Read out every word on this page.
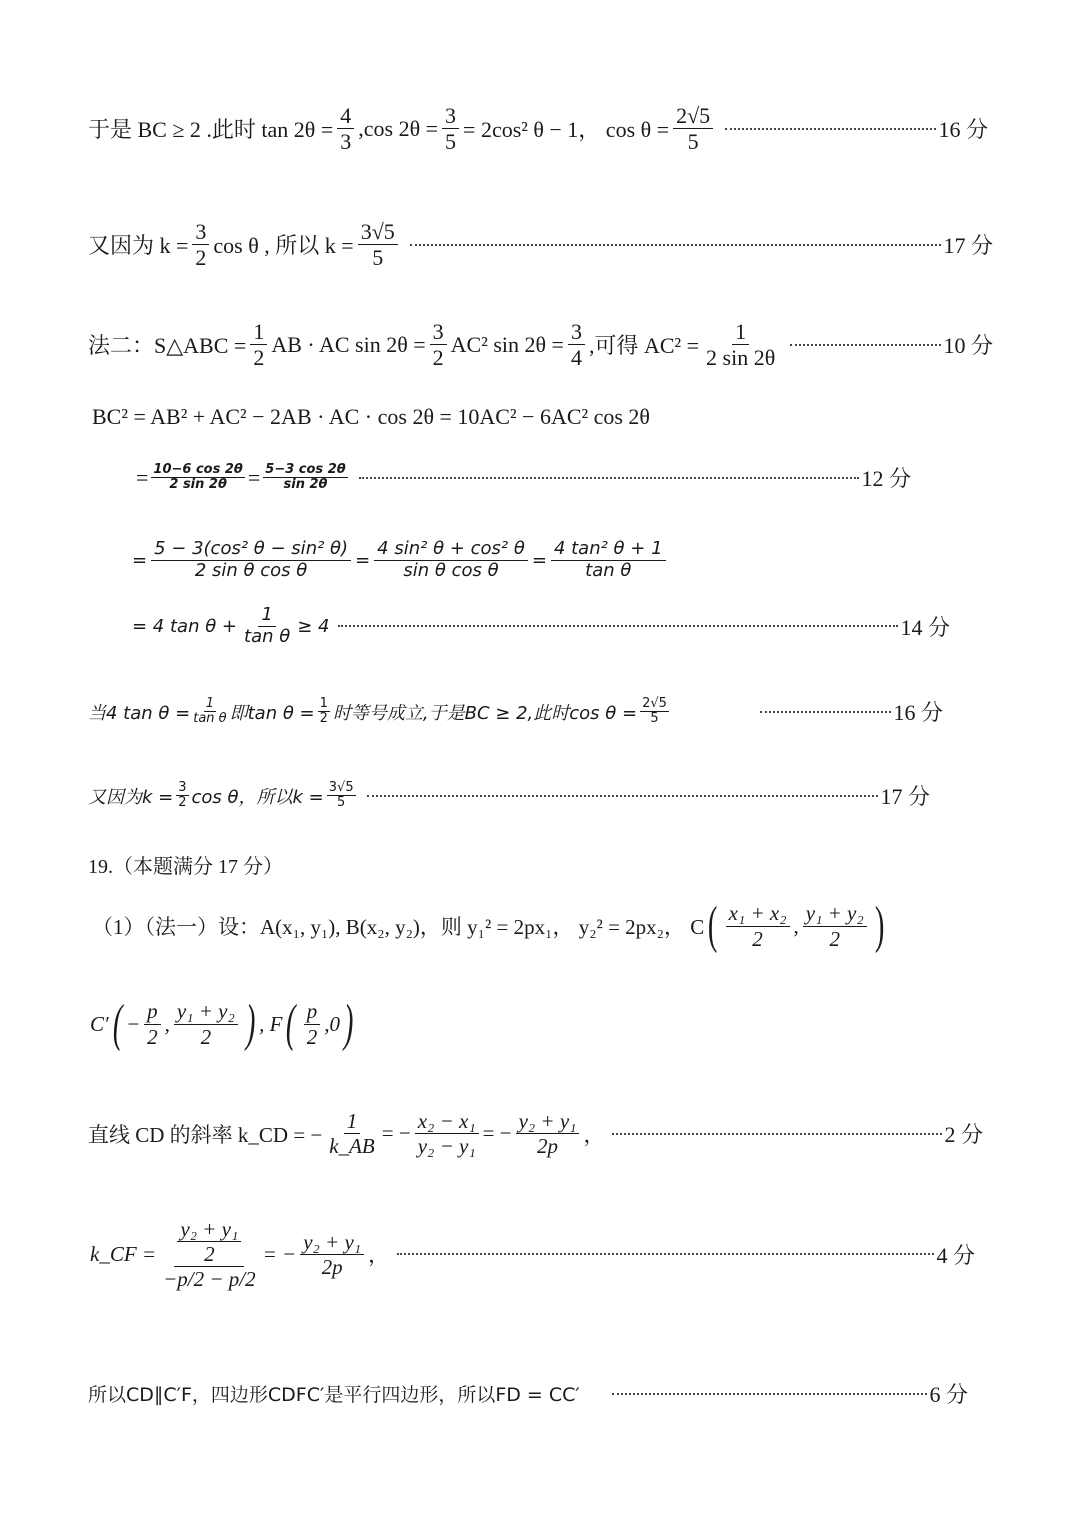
于是 BC ≥ 2 .此时 $\tan 2\theta = \frac{4}{3} ,\cos$ $2\theta = \frac{3}{5} = 2\cos^2$ θ − 1， $\cos \theta = \frac{2√5}{5}$	16 分
又因为 $k = \frac{3}{2}$ cos θ , 所以 $k = \frac{3√5}{5}$	17 分
法二：S△ABC = $\frac{1}{2}$ AB · AC $\sin 2\theta = \frac{3}{2} AC^2$ $\sin 2\theta = \frac{3}{4}$ ,可得 $AC^2 = \frac{1}{2 \sin 2\theta}$	10 分
BC² = AB² + AC² − 2AB · AC · cos 2θ = 10AC² − 6AC² cos 2θ
= $\frac{10-6 \cos 2\theta}{2 \sin 2\theta} = \frac{5-3 \cos 2\theta}{\sin 2\theta}$	12 分
= $\frac{\text{5 − 3(cos² θ − sin² θ)}}{\text{2 sin θ cos θ}} = \frac{\text{4 sin² θ + cos² θ}}{\text{sin θ cos θ}} = \frac{\text{4 tan² θ + 1}}{\text{tan θ}}$
= 4 $\tan \theta + \frac{1}{\text{tan θ}} \ge 4$	14 分
当4 $\tan \theta = \frac{1}{\text{tan θ}}$ 即$\tan \theta = \frac{1}{2}$ 时等号成立,于是BC ≥ 2,此时$\cos \theta = \frac{2√5}{5}$	16 分
又因为$k = \frac{3}{2}$ cos θ，所以$k = \frac{3√5}{5}$	17 分
19.（本题满分 17 分）
（1）（法一）设：A(x₁, y₁), B(x₂, y₂)，则 y₁² = 2px₁， y₂² = 2px₂， C ( $\frac{\text{x₁ + x₂}}{2}$ , $\frac{\text{y₁ + y₂}}{2}$ )
C′ ( − $\frac{p}{2}$ , $\frac{\text{y₁ + y₂}}{2}$ ) , F ( $\frac{p}{2} ,0$ )
直线 CD 的斜率 k_CD = − $\frac{1}{k\_AB}$ = − $\frac{\text{x₂ − x₁}}{\text{y₂ − y₁}}$ = − $\frac{\text{y₂ + y₁}}{2p}$ ，	2 分
k_CF = $\frac{\frac{\text{y₂ + y₁}}{2}}{-p/2 - p/2}$ = − $\frac{\text{y₂ + y₁}}{2p}$ ，	4 分
所以CD∥C′F，四边形CDFC′是平行四边形，所以FD = CC′	6 分
